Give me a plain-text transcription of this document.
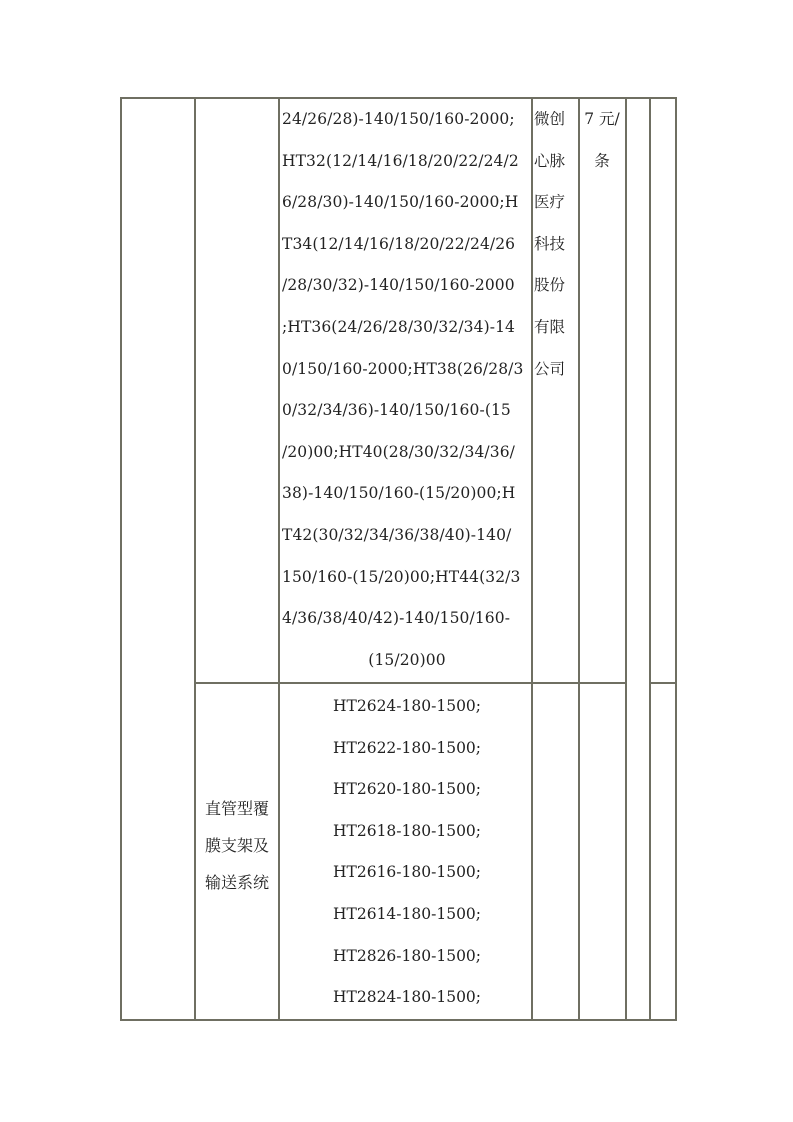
24/26/28)-140/150/160-2000;
HT32(12/14/16/18/20/22/24/2
6/28/30)-140/150/160-2000;H
T34(12/14/16/18/20/22/24/26
/28/30/32)-140/150/160-2000
;HT36(24/26/28/30/32/34)-14
0/150/160-2000;HT38(26/28/3
0/32/34/36)-140/150/160-(15
/20)00;HT40(28/30/32/34/36/
38)-140/150/160-(15/20)00;H
T42(30/32/34/36/38/40)-140/
150/160-(15/20)00;HT44(32/3
4/36/38/40/42)-140/150/160-
(15/20)00
微创
心脉
医疗
科技
股份
有限
公司
7 元/
条
直管型覆
膜支架及
输送系统
HT2624-180-1500;
HT2622-180-1500;
HT2620-180-1500;
HT2618-180-1500;
HT2616-180-1500;
HT2614-180-1500;
HT2826-180-1500;
HT2824-180-1500;
